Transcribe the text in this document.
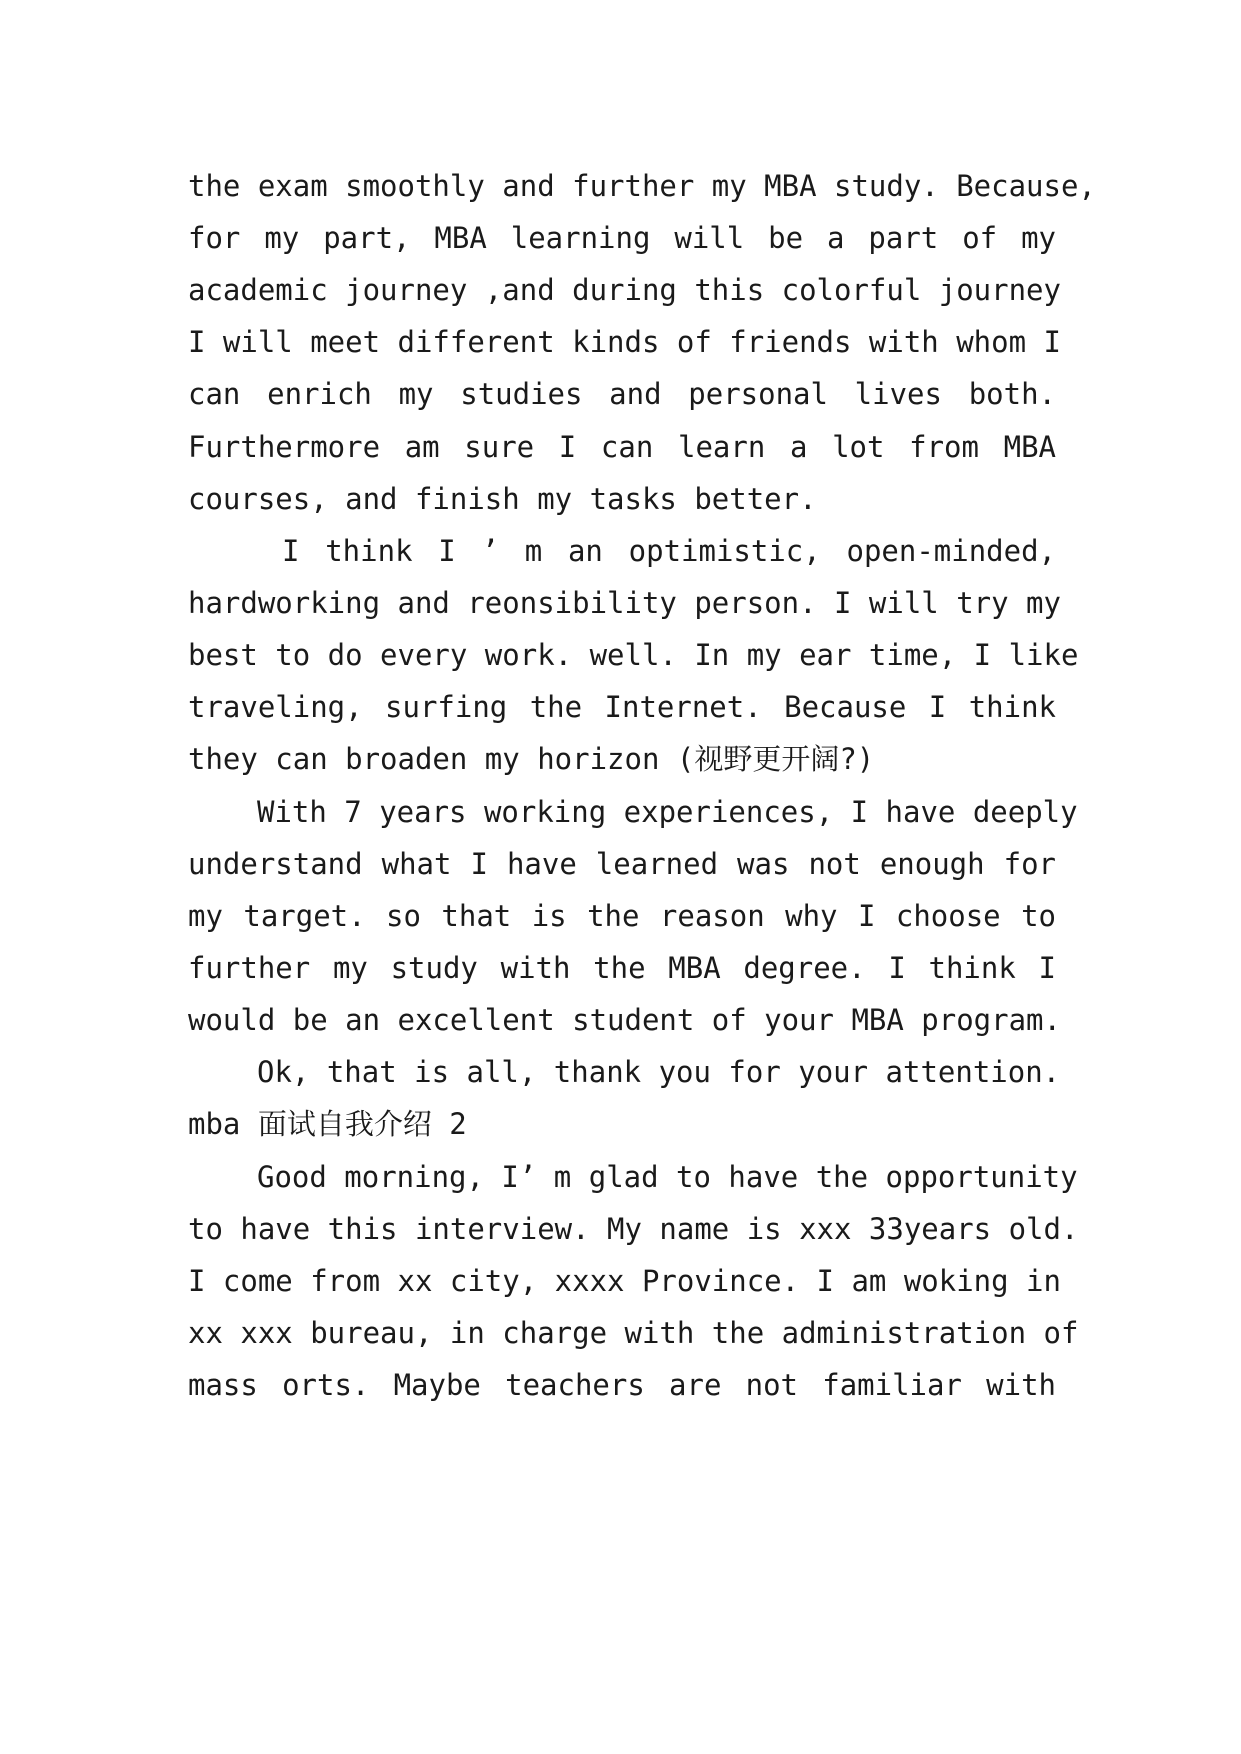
the exam smoothly and further my MBA study. Because,
for my part, MBA learning will be a part of my
academic journey ,and during this colorful journey
I will meet different kinds of friends with whom I
can enrich my studies and personal lives both.
Furthermore am sure I can learn a lot from MBA
courses, and finish my tasks better.
I think I ’ m an optimistic, open-minded,
hardworking and reonsibility person. I will try my
best to do every work. well. In my ear time, I like
traveling, surfing the Internet. Because I think
they can broaden my horizon (视野更开阔?)
With 7 years working experiences, I have deeply
understand what I have learned was not enough for
my target. so that is the reason why I choose to
further my study with the MBA degree. I think I
would be an excellent student of your MBA program.
Ok, that is all, thank you for your attention.
mba 面试自我介绍 2
Good morning, I’ m glad to have the opportunity
to have this interview. My name is xxx 33years old.
I come from xx city, xxxx Province. I am woking in
xx xxx bureau, in charge with the administration of
mass orts. Maybe teachers are not familiar with
